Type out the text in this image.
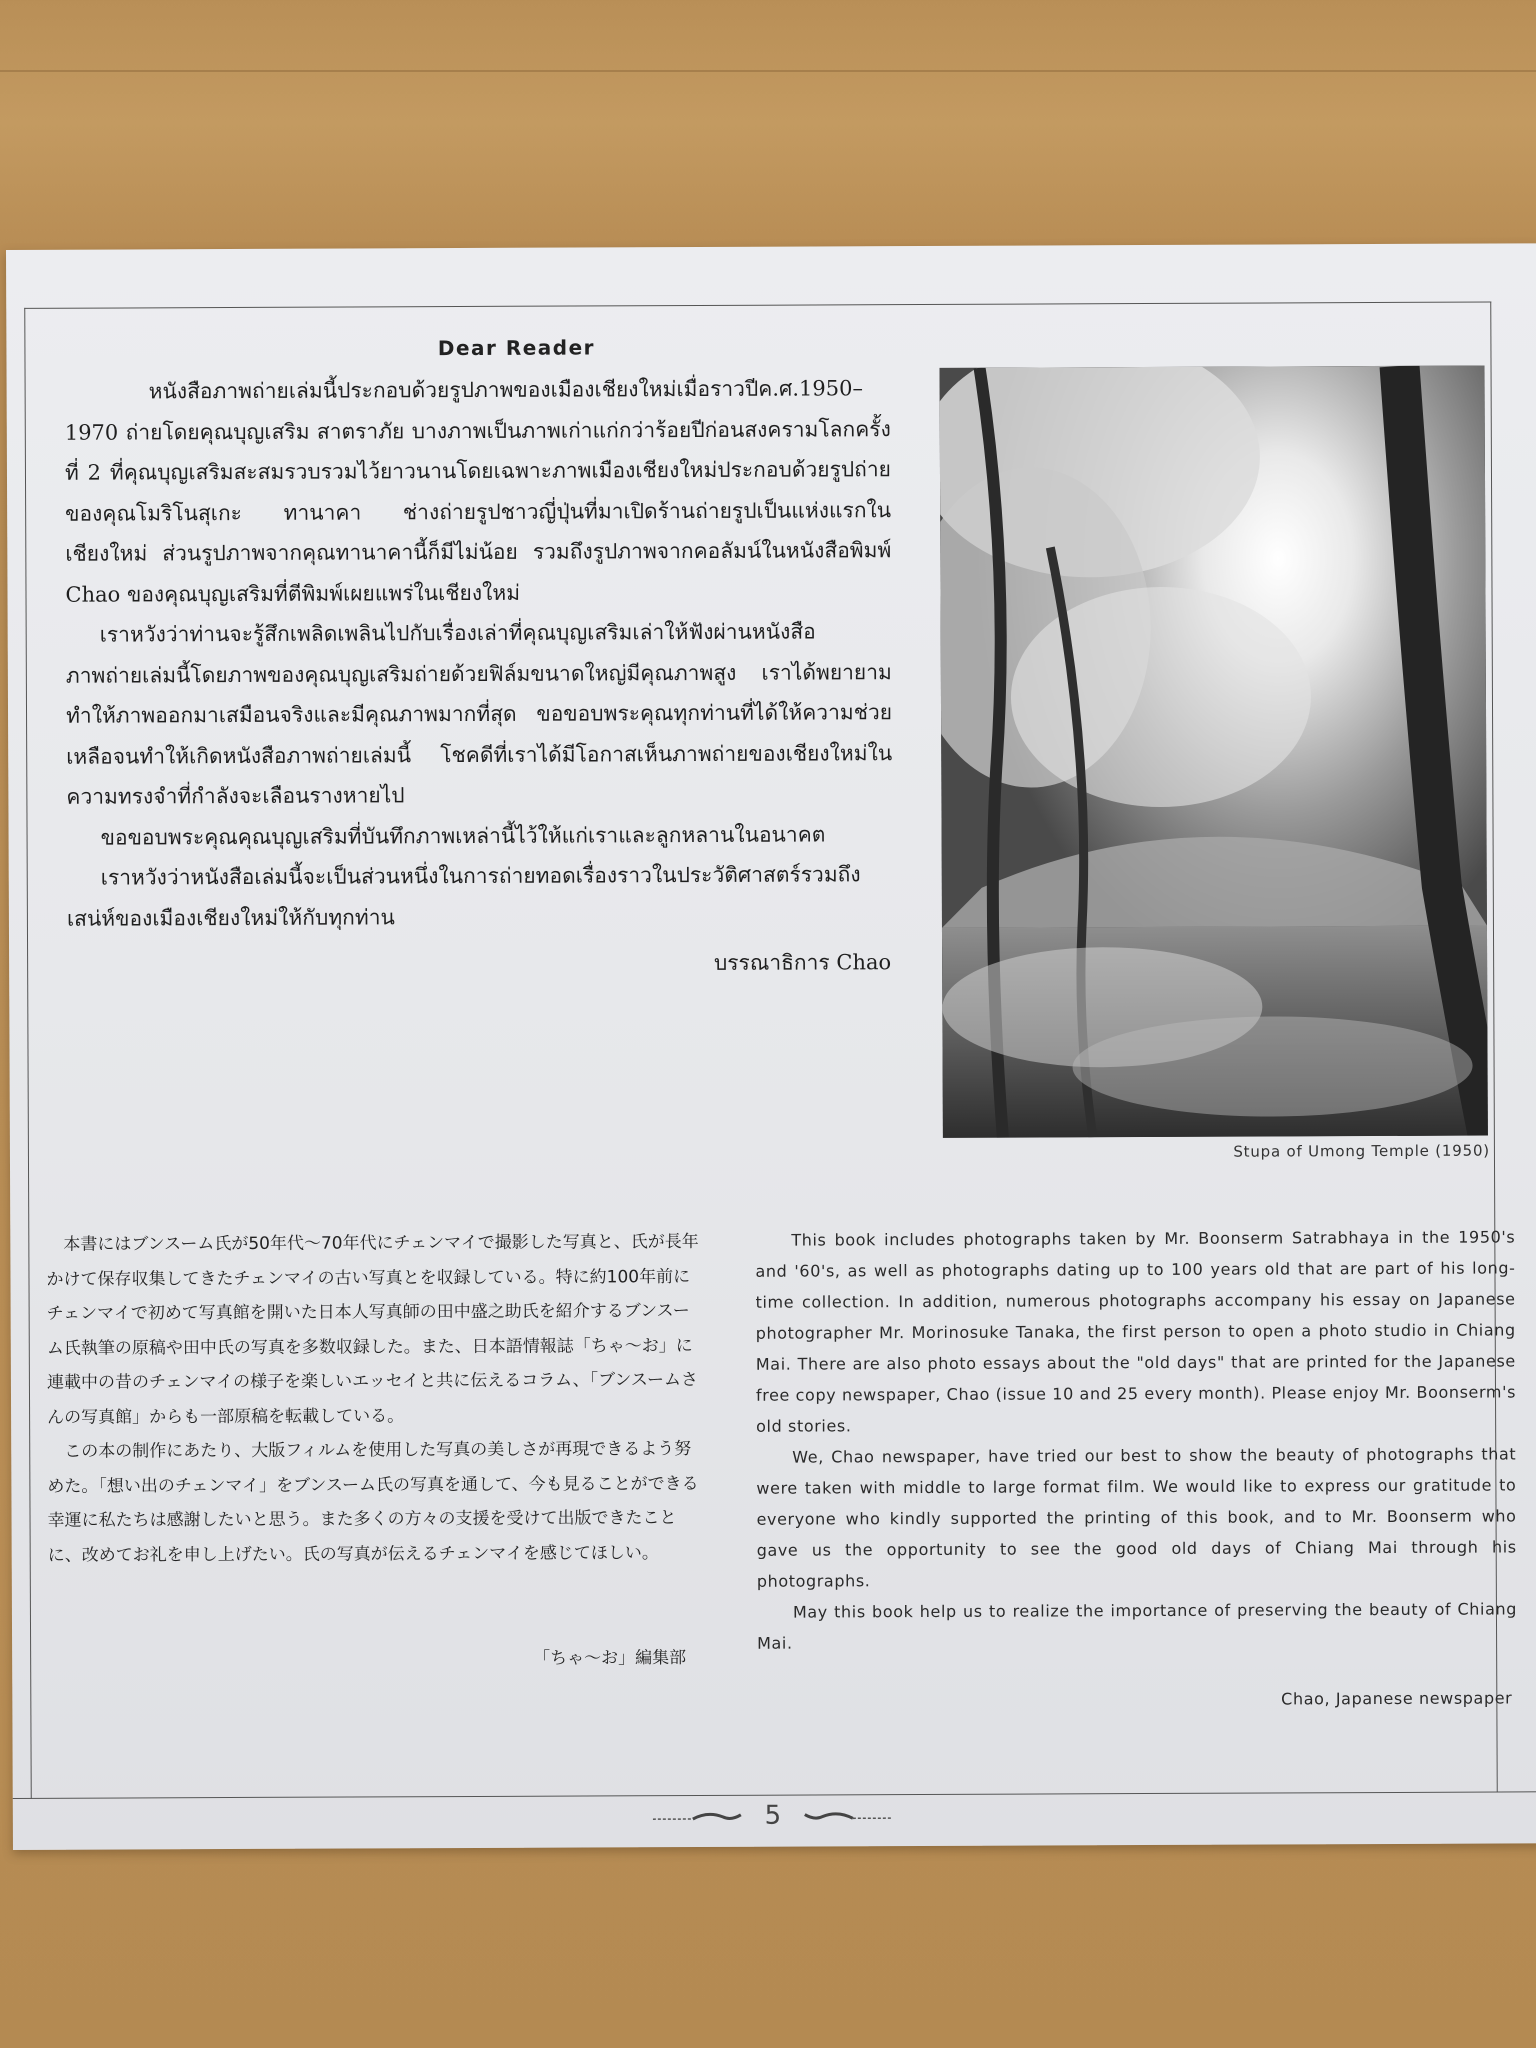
Dear Reader

หนังสือภาพถ่ายเล่มนี้ประกอบด้วยรูปภาพของเมืองเชียงใหม่เมื่อราวปีค.ศ.1950–1970 ถ่ายโดยคุณบุญเสริม สาตราภัย บางภาพเป็นภาพเก่าแก่กว่าร้อยปีก่อนสงครามโลกครั้งที่ 2 ที่คุณบุญเสริมสะสมรวบรวมไว้ยาวนานโดยเฉพาะภาพเมืองเชียงใหม่ประกอบด้วยรูปถ่ายของคุณโมริโนสุเกะ ทานาคา ช่างถ่ายรูปชาวญี่ปุ่นที่มาเปิดร้านถ่ายรูปเป็นแห่งแรกในเชียงใหม่ ส่วนรูปภาพจากคุณทานาคานี้ก็มีไม่น้อย รวมถึงรูปภาพจากคอลัมน์ในหนังสือพิมพ์ Chao ของคุณบุญเสริมที่ตีพิมพ์เผยแพร่ในเชียงใหม่

เราหวังว่าท่านจะรู้สึกเพลิดเพลินไปกับเรื่องเล่าที่คุณบุญเสริมเล่าให้ฟังผ่านหนังสือภาพถ่ายเล่มนี้โดยภาพของคุณบุญเสริมถ่ายด้วยฟิล์มขนาดใหญ่มีคุณภาพสูง เราได้พยายามทำให้ภาพออกมาเสมือนจริงและมีคุณภาพมากที่สุด ขอขอบพระคุณทุกท่านที่ได้ให้ความช่วยเหลือจนทำให้เกิดหนังสือภาพถ่ายเล่มนี้ โชคดีที่เราได้มีโอกาสเห็นภาพถ่ายของเชียงใหม่ในความทรงจำที่กำลังจะเลือนรางหายไป

ขอขอบพระคุณคุณบุญเสริมที่บันทึกภาพเหล่านี้ไว้ให้แก่เราและลูกหลานในอนาคต

เราหวังว่าหนังสือเล่มนี้จะเป็นส่วนหนึ่งในการถ่ายทอดเรื่องราวในประวัติศาสตร์รวมถึงเสน่ห์ของเมืองเชียงใหม่ให้กับทุกท่าน

บรรณาธิการ Chao
Stupa of Umong Temple (1950)

本書にはブンスーム氏が50年代〜70年代にチェンマイで撮影した写真と、氏が長年かけて保存収集してきたチェンマイの古い写真とを収録している。特に約100年前にチェンマイで初めて写真館を開いた日本人写真師の田中盛之助氏を紹介するブンスーム氏執筆の原稿や田中氏の写真を多数収録した。また、日本語情報誌「ちゃ〜お」に連載中の昔のチェンマイの様子を楽しいエッセイと共に伝えるコラム、「ブンスームさんの写真館」からも一部原稿を転載している。

この本の制作にあたり、大版フィルムを使用した写真の美しさが再現できるよう努めた。「想い出のチェンマイ」をブンスーム氏の写真を通して、今も見ることができる幸運に私たちは感謝したいと思う。また多くの方々の支援を受けて出版できたことに、改めてお礼を申し上げたい。氏の写真が伝えるチェンマイを感じてほしい。

「ちゃ〜お」編集部

This book includes photographs taken by Mr. Boonserm Satrabhaya in the 1950's and '60's, as well as photographs dating up to 100 years old that are part of his long-time collection. In addition, numerous photographs accompany his essay on Japanese photographer Mr. Morinosuke Tanaka, the first person to open a photo studio in Chiang Mai. There are also photo essays about the "old days" that are printed for the Japanese free copy newspaper, Chao (issue 10 and 25 every month). Please enjoy Mr. Boonserm's old stories.

We, Chao newspaper, have tried our best to show the beauty of photographs that were taken with middle to large format film. We would like to express our gratitude to everyone who kindly supported the printing of this book, and to Mr. Boonserm who gave us the opportunity to see the good old days of Chiang Mai through his photographs.

May this book help us to realize the importance of preserving the beauty of Chiang Mai.

Chao, Japanese newspaper
5
